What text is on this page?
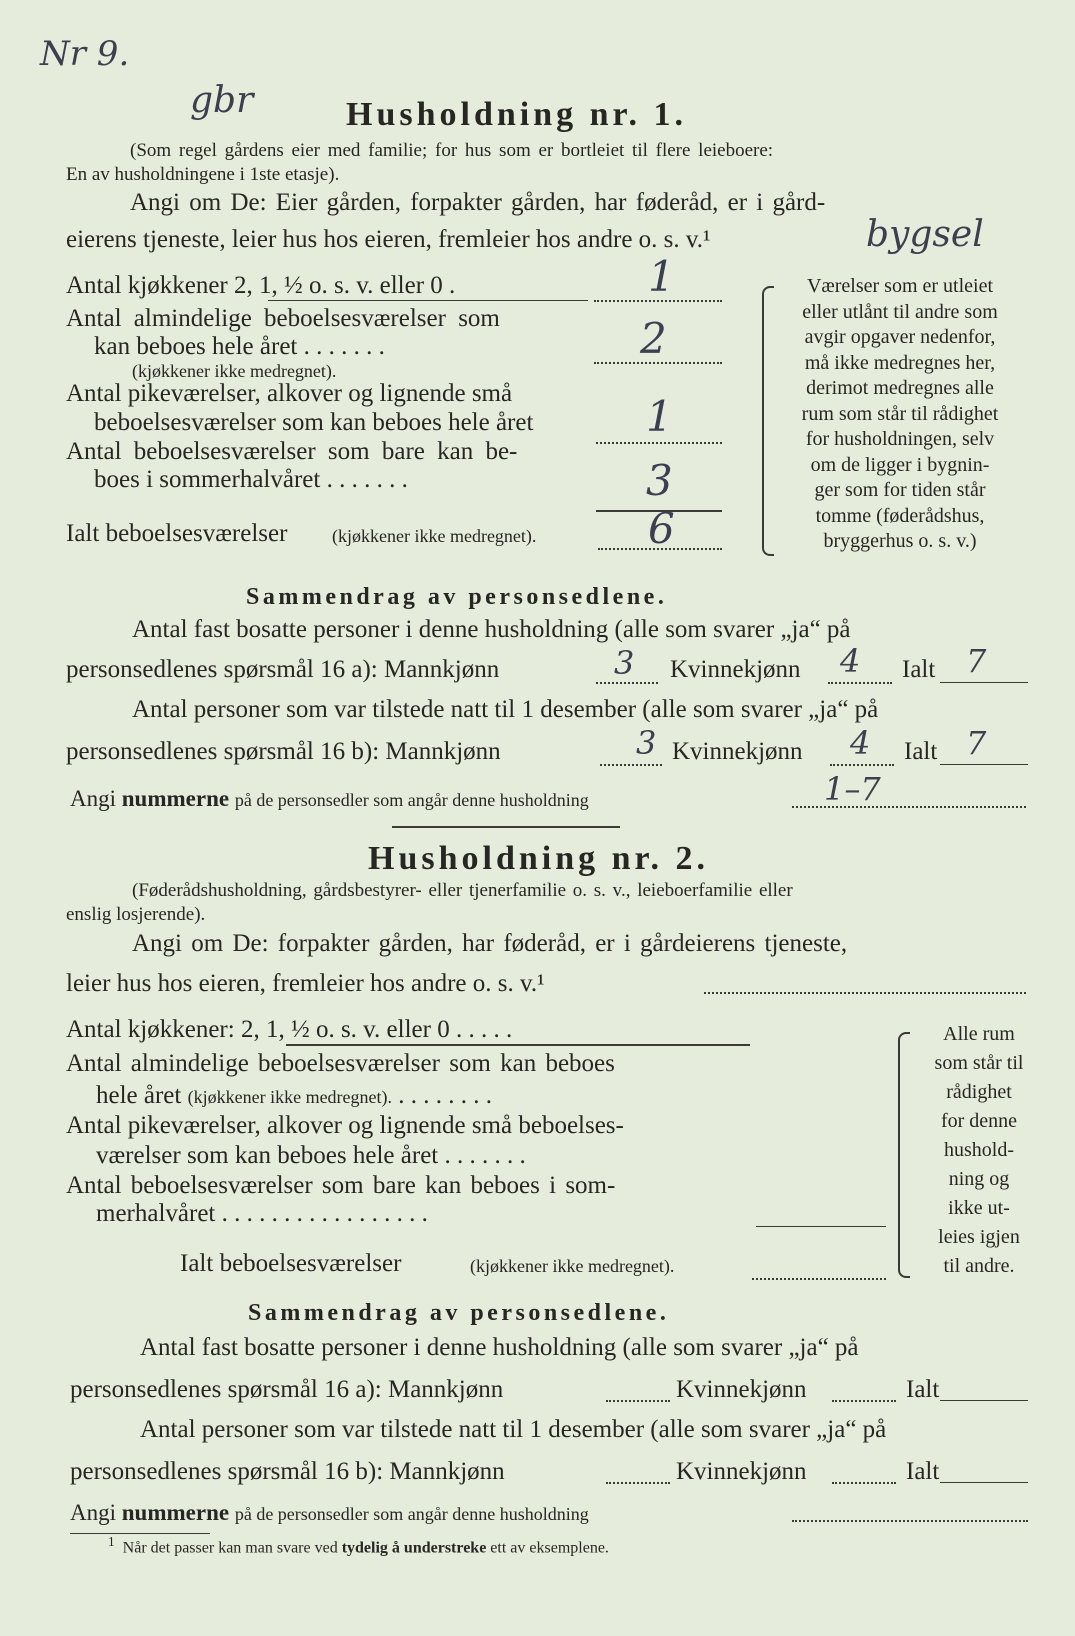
Nr 9.
gbr	Husholdning nr. 1.
(Som regel gårdens eier med familie; for hus som er bortleiet til flere leieboere:
En av husholdningene i 1ste etasje).
Angi om De: Eier gården, forpakter gården, har føderåd, er i gård-
eierens tjeneste, leier hus hos eieren, fremleier hos andre o. s. v.¹	bygsel
Antal kjøkkener 2, 1, ½ o. s. v. eller 0 .	1
Antal almindelige beboelsesværelser som
kan beboes hele året . . . . . . .
(kjøkkener ikke medregnet).
2
Antal pikeværelser, alkover og lignende små
beboelsesværelser som kan beboes hele året	1
Antal beboelsesværelser som bare kan be-
boes i sommerhalvåret . . . . . . .	3
Ialt beboelsesværelser (kjøkkener ikke medregnet).	6
Værelser som er utleiet
eller utlånt til andre som
avgir opgaver nedenfor,
må ikke medregnes her,
derimot medregnes alle
rum som står til rådighet
for husholdningen, selv
om de ligger i bygnin-
ger som for tiden står
tomme (føderådshus,
bryggerhus o. s. v.)
Sammendrag av personsedlene.
Antal fast bosatte personer i denne husholdning (alle som svarer „ja“ på
personsedlenes spørsmål 16 a): Mannkjønn	3 Kvinnekjønn 4 Ialt 7
Antal personer som var tilstede natt til 1 desember (alle som svarer „ja“ på
personsedlenes spørsmål 16 b): Mannkjønn	3 Kvinnekjønn 4 Ialt 7
Angi nummerne på de personsedler som angår denne husholdning	1–7
Husholdning nr. 2.
(Føderådshusholdning, gårdsbestyrer- eller tjenerfamilie o. s. v., leieboerfamilie eller
enslig losjerende).
Angi om De: forpakter gården, har føderåd, er i gårdeierens tjeneste,
leier hus hos eieren, fremleier hos andre o. s. v.¹
Antal kjøkkener: 2, 1, ½ o. s. v. eller 0 . . . . .
Antal almindelige beboelsesværelser som kan beboes
hele året (kjøkkener ikke medregnet). . . . . . . . .
Antal pikeværelser, alkover og lignende små beboelses-
værelser som kan beboes hele året . . . . . . .
Antal beboelsesværelser som bare kan beboes i som-
merhalvåret . . . . . . . . . . . . . . . . .
Ialt beboelsesværelser	(kjøkkener ikke medregnet).
Alle rum
som står til
rådighet
for denne
hushold-
ning og
ikke ut-
leies igjen
til andre.
Sammendrag av personsedlene.
Antal fast bosatte personer i denne husholdning (alle som svarer „ja“ på
personsedlenes spørsmål 16 a): Mannkjønn	Kvinnekjønn	Ialt
Antal personer som var tilstede natt til 1 desember (alle som svarer „ja“ på
personsedlenes spørsmål 16 b): Mannkjønn	Kvinnekjønn	Ialt
Angi nummerne på de personsedler som angår denne husholdning
$^1$ Når det passer kan man svare ved tydelig å understreke ett av eksemplene.
